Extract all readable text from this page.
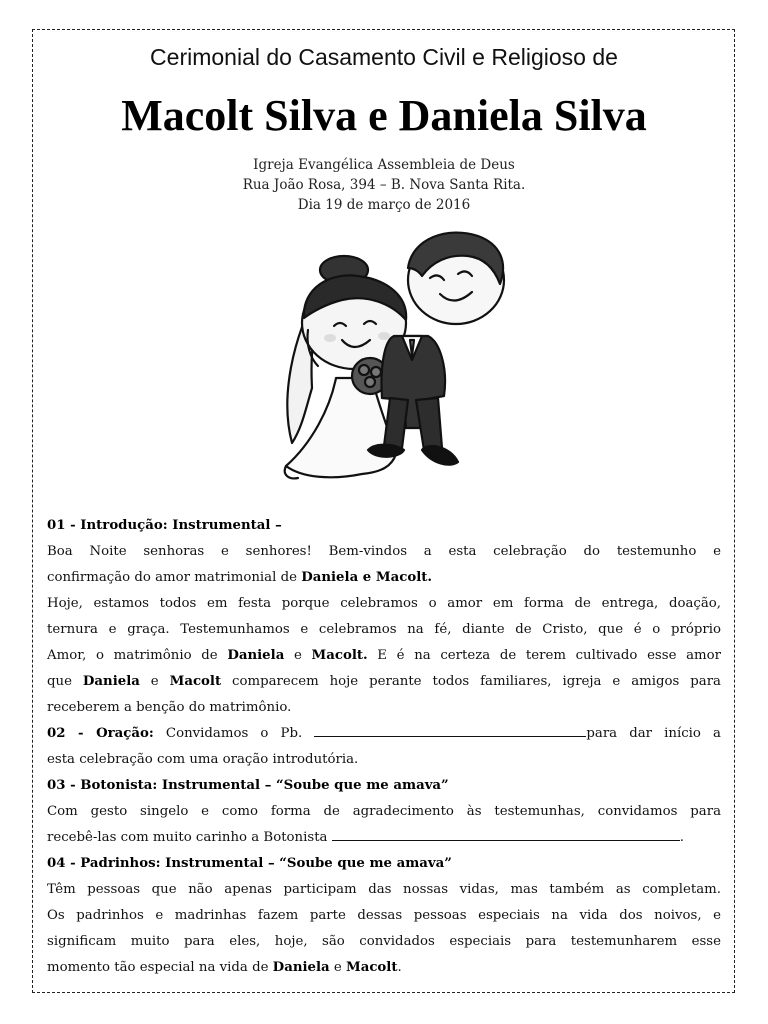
Cerimonial do Casamento Civil e Religioso de
Macolt Silva e Daniela Silva
Igreja Evangélica Assembleia de Deus
Rua João Rosa, 394 – B. Nova Santa Rita.
Dia 19 de março de 2016
01 - Introdução: Instrumental –
Boa Noite senhoras e senhores! Bem-vindos a esta celebração do testemunho e
confirmação do amor matrimonial de Daniela e Macolt.
Hoje, estamos todos em festa porque celebramos o amor em forma de entrega, doação,
ternura e graça. Testemunhamos e celebramos na fé, diante de Cristo, que é o próprio
Amor, o matrimônio de Daniela e Macolt. E é na certeza de terem cultivado esse amor
que Daniela e Macolt comparecem hoje perante todos familiares, igreja e amigos para
receberem a benção do matrimônio.
02 - Oração: Convidamos o Pb.	para dar início a
esta celebração com uma oração introdutória.
03 - Botonista: Instrumental – “Soube que me amava”
Com gesto singelo e como forma de agradecimento às testemunhas, convidamos para
recebê-las com muito carinho a Botonista	.
04 - Padrinhos: Instrumental – “Soube que me amava”
Têm pessoas que não apenas participam das nossas vidas, mas também as completam.
Os padrinhos e madrinhas fazem parte dessas pessoas especiais na vida dos noivos, e
significam muito para eles, hoje, são convidados especiais para testemunharem esse
momento tão especial na vida de Daniela e Macolt.
